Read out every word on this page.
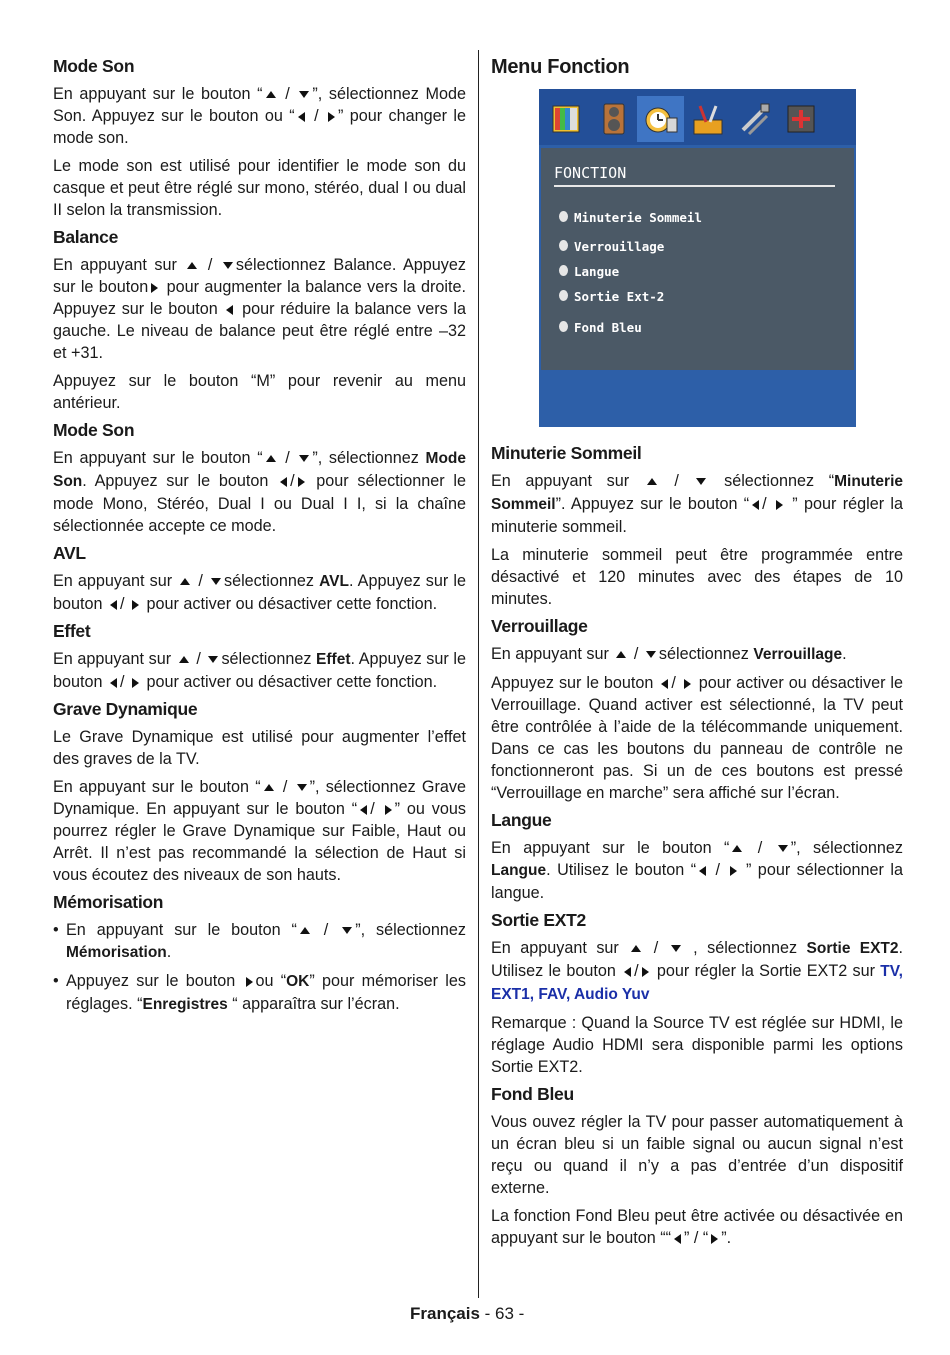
Mode Son

En appuyant sur le bouton “ / ”, sélectionnez Mode Son. Appuyez sur le bouton ou “ / ” pour changer le mode son.

Le mode son est utilisé pour identifier le mode son du casque et peut être réglé sur mono, stéréo, dual I ou dual II selon la transmission.

Balance

En appuyant sur  / sélectionnez Balance. Appuyez sur le bouton pour augmenter la balance vers la droite. Appuyez sur le bouton  pour réduire la balance vers la gauche. Le niveau de balance peut être réglé entre –32 et +31.

Appuyez sur le bouton “M” pour revenir au menu antérieur.

Mode Son

En appuyant sur le bouton “ / ”, sélectionnez Mode Son. Appuyez sur le bouton / pour sélectionner le mode Mono, Stéréo, Dual I ou Dual I I, si la chaîne sélectionnée accepte ce mode.

AVL

En appuyant sur  / sélectionnez AVL. Appuyez sur le bouton /  pour activer ou désactiver cette fonction.

Effet

En appuyant sur  / sélectionnez Effet. Appuyez sur le bouton /  pour activer ou désactiver cette fonction.

Grave Dynamique

Le Grave Dynamique est utilisé pour augmenter l’effet des graves de la TV.

En appuyant sur le bouton “ / ”, sélectionnez Grave Dynamique. En appuyant sur le bouton “ / ” ou vous pourrez régler le Grave Dynamique sur Faible, Haut ou Arrêt. Il n’est pas recommandé la sélection de Haut si vous écoutez des niveaux de son hauts.

Mémorisation

• En appuyant sur le bouton “ / ”, sélectionnez Mémorisation.

• Appuyez sur le bouton ou “OK” pour mémoriser les réglages. “Enregistres “ apparaîtra sur l’écran.

Menu Fonction
FONCTION
Minuterie Sommeil
Verrouillage
Langue
Sortie Ext-2
Fond Bleu
Minuterie Sommeil

En appuyant sur  /  sélectionnez “Minuterie Sommeil”. Appuyez sur le bouton “ /  ” pour régler la minuterie sommeil.

La minuterie sommeil peut être programmée entre désactivé et 120 minutes avec des étapes de 10 minutes.

Verrouillage

En appuyant sur  / sélectionnez Verrouillage.

Appuyez sur le bouton /  pour activer ou désactiver le Verrouillage. Quand activer est sélectionné, la TV peut être contrôlée à l’aide de la télécommande uniquement. Dans ce cas les boutons du panneau de contrôle ne fonctionneront pas. Si un de ces boutons est pressé “Verrouillage en marche” sera affiché sur l’écran.

Langue

En appuyant sur le bouton “ / ”, sélectionnez Langue. Utilisez le bouton “ /  ” pour sélectionner la langue.

Sortie EXT2

En appuyant sur  /  , sélectionnez Sortie EXT2. Utilisez le bouton / pour régler la Sortie EXT2 sur TV, EXT1, FAV, Audio Yuv

Remarque : Quand la Source TV est réglée sur HDMI, le réglage Audio HDMI sera disponible parmi les options Sortie EXT2.

Fond Bleu

Vous ouvez régler la TV pour passer automatiquement à un écran bleu si un faible signal ou aucun signal n’est reçu ou quand il n’y a pas d’entrée d’un dispositif externe.

La fonction Fond Bleu peut être activée ou désactivée en appuyant sur le bouton ““ ” / “ ”.

Français - 63 -
